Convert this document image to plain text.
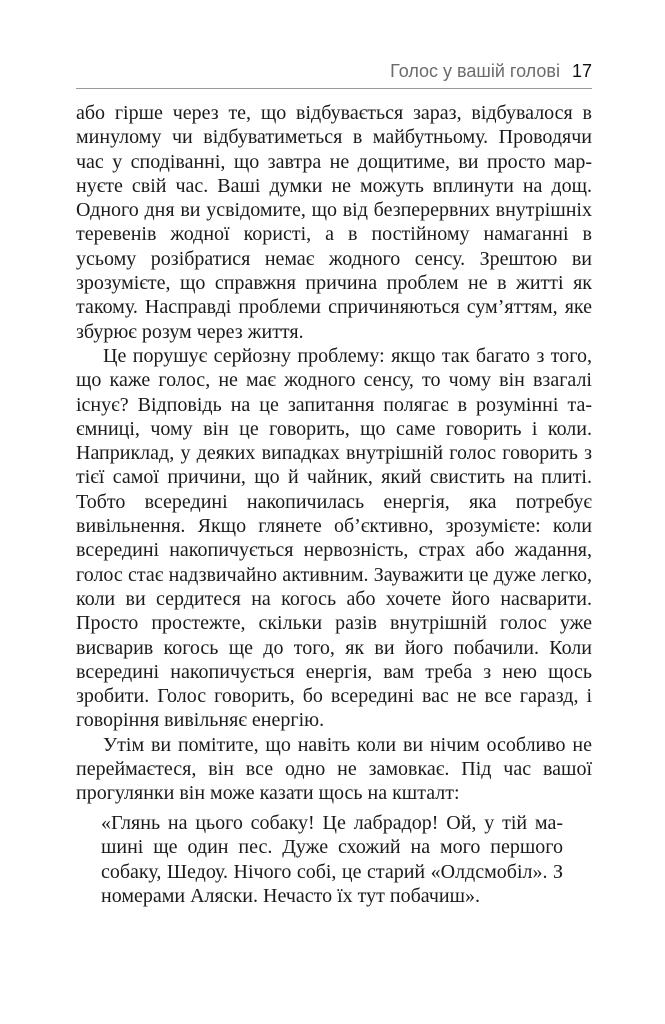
Голос у вашій голові 17

або гірше через те, що відбувається зараз, відбувалося в минулому чи відбуватиметься в майбутньому. Проводячи час у сподіванні, що завтра не дощитиме, ви просто марнуєте свій час. Ваші думки не можуть вплинути на дощ. Одного дня ви усвідомите, що від безперервних внутрішніх теревенів жодної користі, а в постійному намаганні в усьому розібратися немає жодного сенсу. Зрештою ви зрозумієте, що справжня причина проблем не в житті як такому. Насправді проблеми спричиняються сум’яттям, яке збурює розум через життя.

Це порушує серйозну проблему: якщо так багато з того, що каже голос, не має жодного сенсу, то чому він взагалі існує? Відповідь на це запитання полягає в розумінні таємниці, чому він це говорить, що саме говорить і коли. Наприклад, у деяких випадках внутрішній голос говорить з тієї самої причини, що й чайник, який свистить на плиті. Тобто всередині накопичилась енергія, яка потребує вивільнення. Якщо глянете об’єктивно, зрозумієте: коли всередині накопичується нервозність, страх або жадання, голос стає надзвичайно активним. Зауважити це дуже легко, коли ви сердитеся на когось або хочете його насварити. Просто простежте, скільки разів внутрішній голос уже висварив когось ще до того, як ви його побачили. Коли всередині накопичується енергія, вам треба з нею щось зробити. Голос говорить, бо всередині вас не все гаразд, і говоріння вивільняє енергію.

Утім ви помітите, що навіть коли ви нічим особливо не переймаєтеся, він все одно не замовкає. Під час вашої прогулянки він може казати щось на кшталт:

«Глянь на цього собаку! Це лабрадор! Ой, у тій машині ще один пес. Дуже схожий на мого першого собаку, Шедоу. Нічого собі, це старий «Олдсмобіл». З номерами Аляски. Нечасто їх тут побачиш».
